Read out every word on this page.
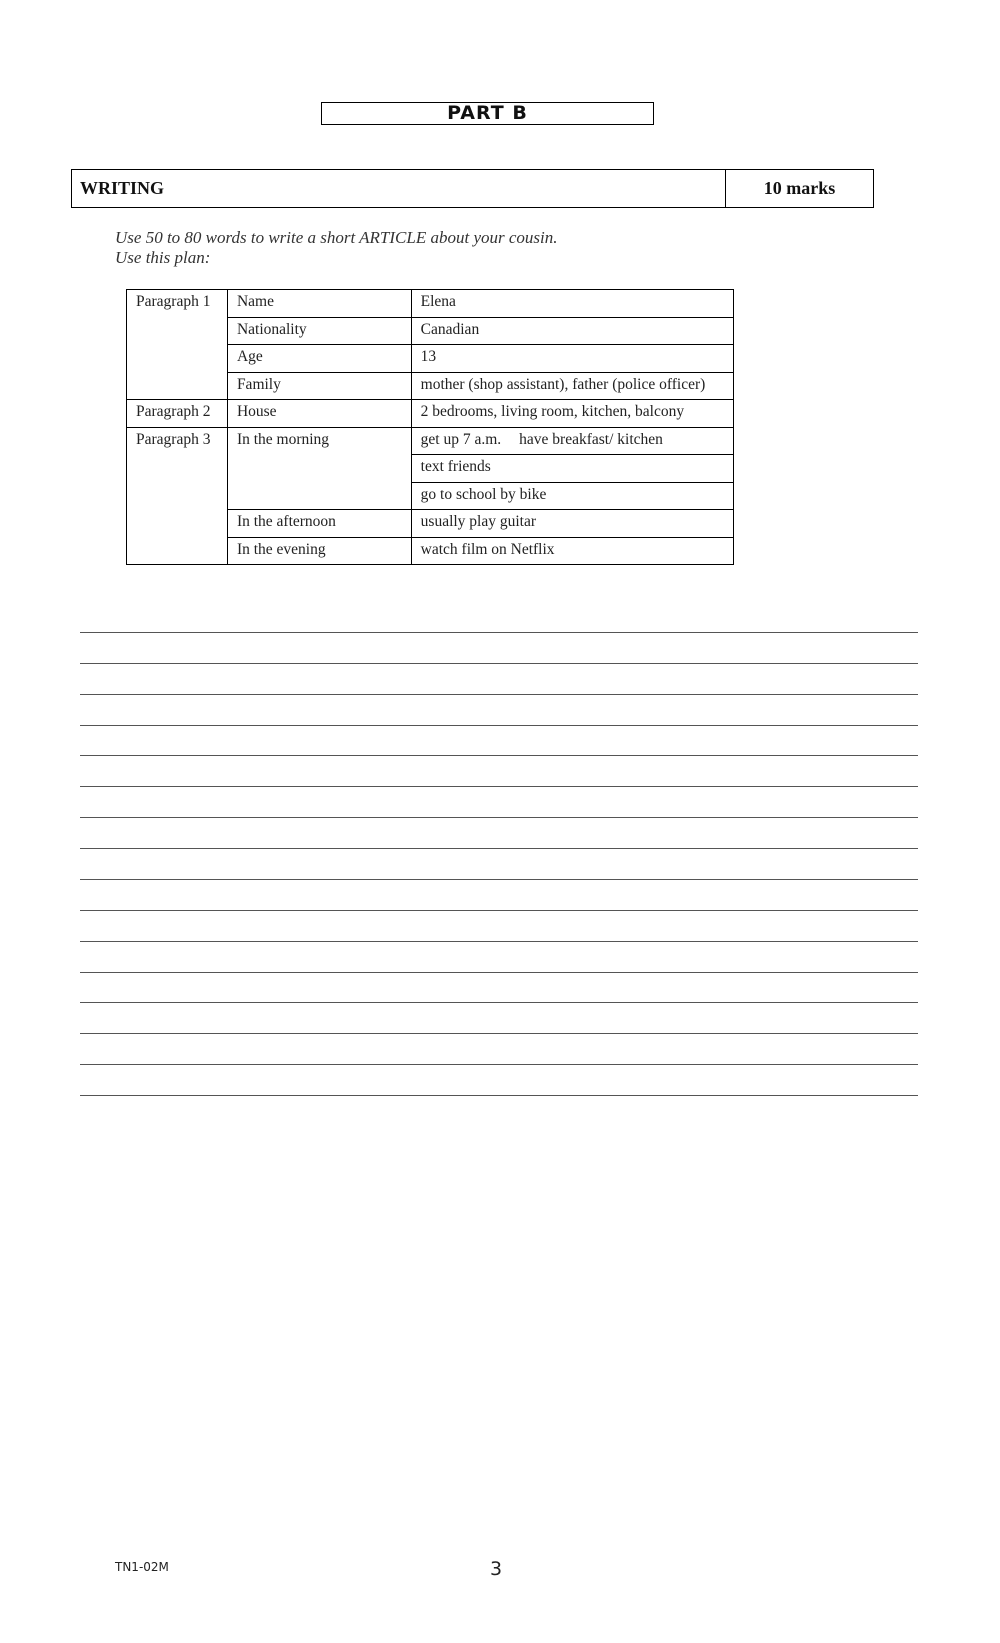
PART B
WRITING	10 marks
Use 50 to 80 words to write a short ARTICLE about your cousin.
Use this plan:
Paragraph 1	Name	Elena
	Nationality	Canadian
	Age	13
	Family	mother (shop assistant), father (police officer)
Paragraph 2	House	2 bedrooms, living room, kitchen, balcony
Paragraph 3	In the morning	get up 7 a.m. have breakfast/ kitchen
		text friends
		go to school by bike
	In the afternoon	usually play guitar
	In the evening	watch film on Netflix
TN1-02M	3
